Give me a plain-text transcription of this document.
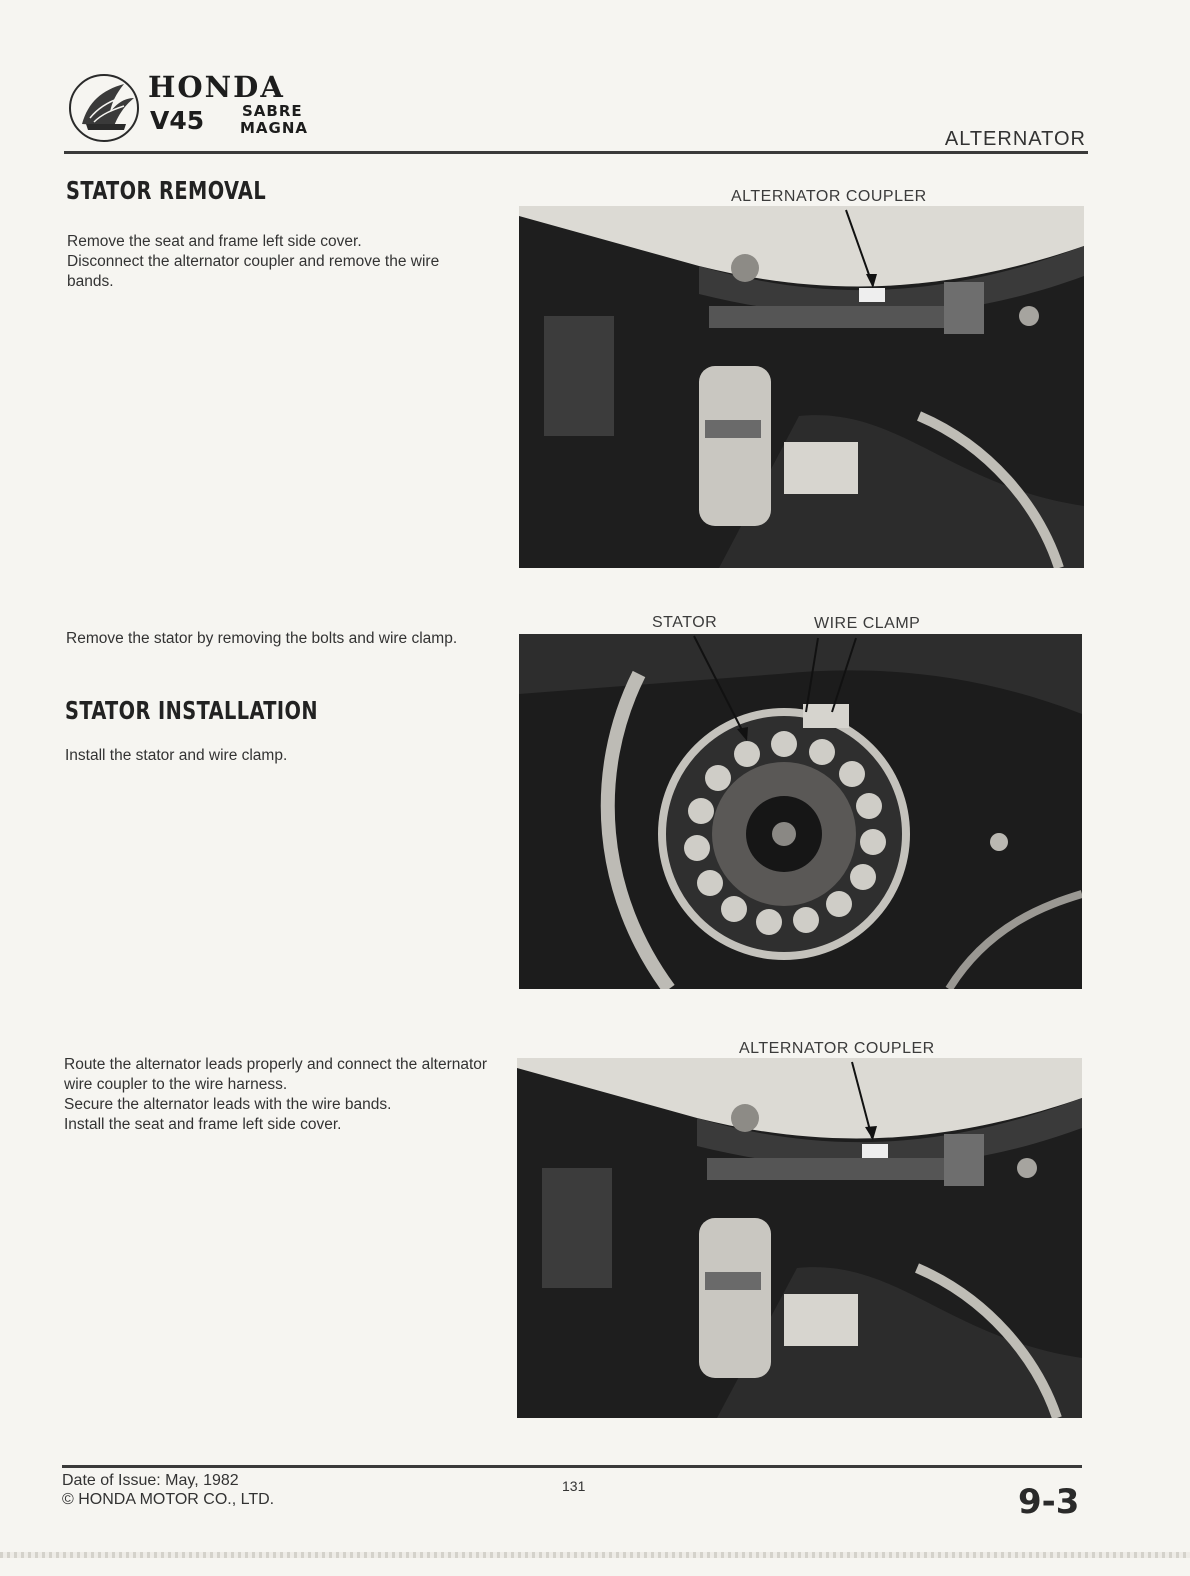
HONDA
V45	SABRE
MAGNA	ALTERNATOR
STATOR REMOVAL

Remove the seat and frame left side cover.

Disconnect the alternator coupler and remove the wire bands.

Remove the stator by removing the bolts and wire clamp.

STATOR INSTALLATION

Install the stator and wire clamp.

Route the alternator leads properly and connect the alternator wire coupler to the wire harness.

Secure the alternator leads with the wire bands.

Install the seat and frame left side cover.

ALTERNATOR COUPLER
STATOR	WIRE CLAMP
ALTERNATOR COUPLER
Date of Issue: May, 1982
© HONDA MOTOR CO., LTD.
131	9-3
